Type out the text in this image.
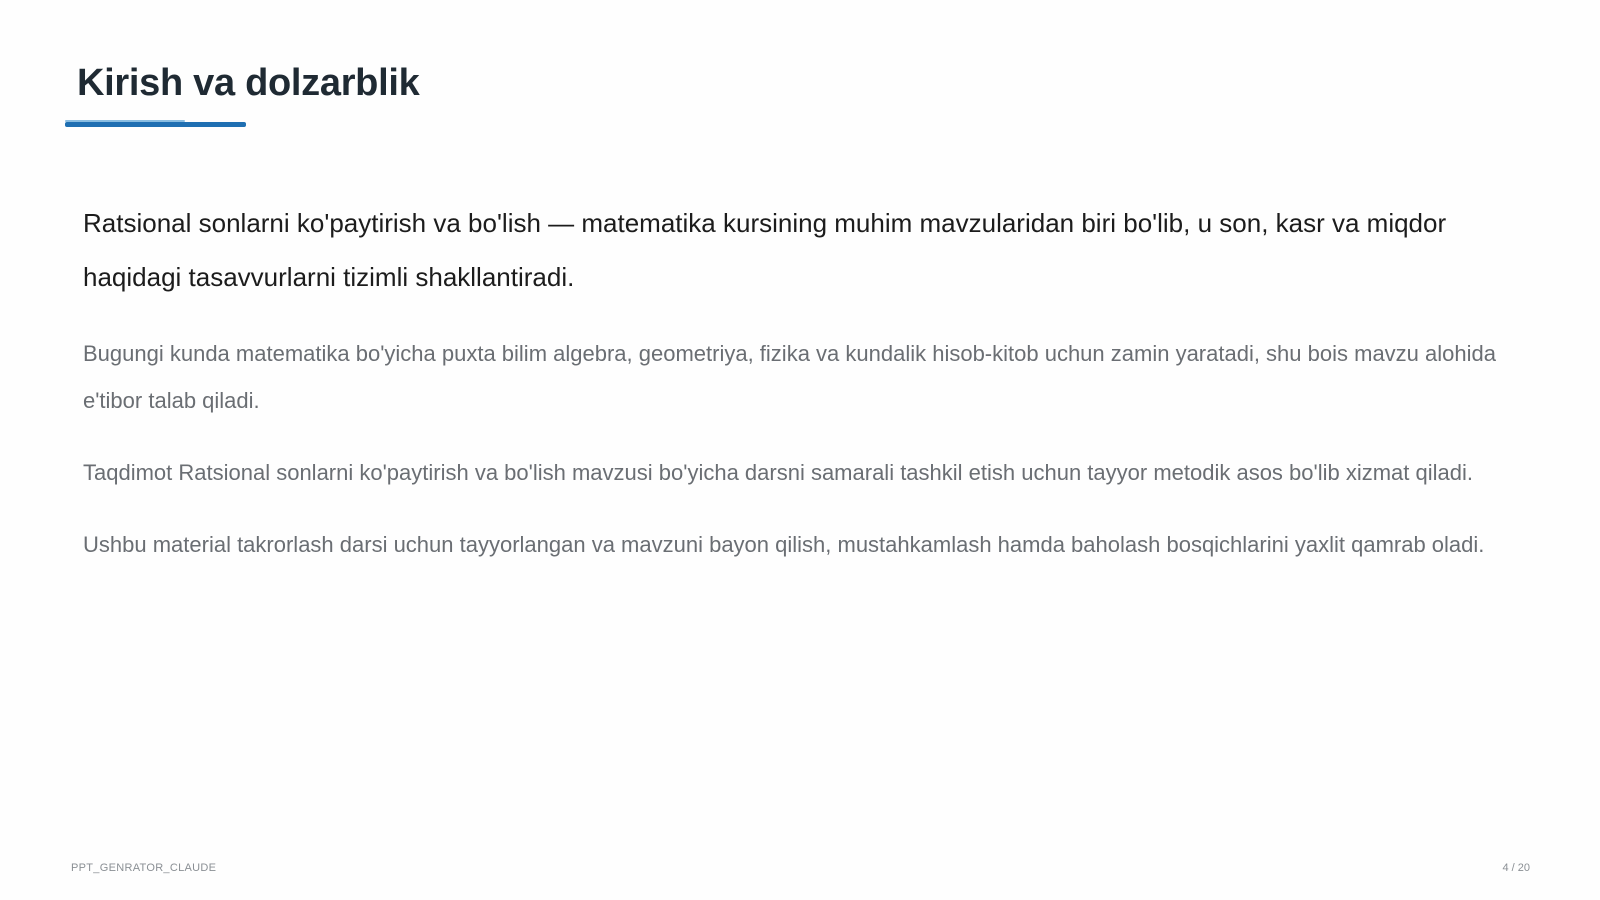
Kirish va dolzarblik

Ratsional sonlarni ko'paytirish va bo'lish — matematika kursining muhim mavzularidan biri bo'lib, u son, kasr va miqdor haqidagi tasavvurlarni tizimli shakllantiradi.

Bugungi kunda matematika bo'yicha puxta bilim algebra, geometriya, fizika va kundalik hisob-kitob uchun zamin yaratadi, shu bois mavzu alohida e'tibor talab qiladi.

Taqdimot Ratsional sonlarni ko'paytirish va bo'lish mavzusi bo'yicha darsni samarali tashkil etish uchun tayyor metodik asos bo'lib xizmat qiladi.

Ushbu material takrorlash darsi uchun tayyorlangan va mavzuni bayon qilish, mustahkamlash hamda baholash bosqichlarini yaxlit qamrab oladi.

PPT_GENRATOR_CLAUDE	4 / 20
